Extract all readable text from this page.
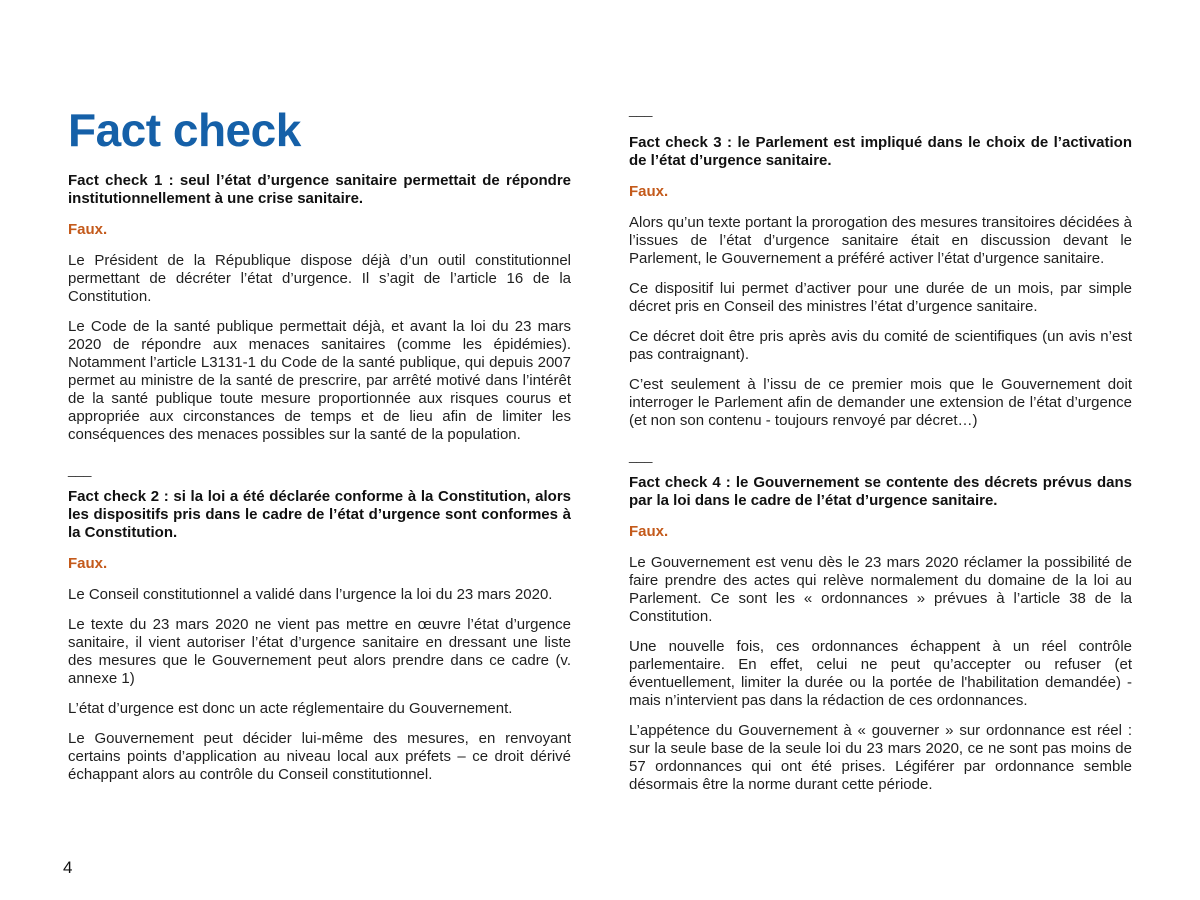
Fact check

Fact check 1 : seul l’état d’urgence sanitaire permettait de répondre institutionnellement à une crise sanitaire.

Faux.

Le Président de la République dispose déjà d’un outil constitutionnel permettant de décréter l’état d’urgence. Il s’agit de l’article 16 de la Constitution.

Le Code de la santé publique permettait déjà, et avant la loi du 23 mars 2020 de répondre aux menaces sanitaires (comme les épidémies). Notamment l’article L3131-1 du Code de la santé publique, qui depuis 2007 permet au ministre de la santé de prescrire, par arrêté motivé dans l’intérêt de la santé publique toute mesure proportionnée aux risques courus et appropriée aux circonstances de temps et de lieu afin de limiter les conséquences des menaces possibles sur la santé de la population.

___

Fact check 2 : si la loi a été déclarée conforme à la Constitution, alors les dispositifs pris dans le cadre de l’état d’urgence sont conformes à la Constitution.

Faux.

Le Conseil constitutionnel a validé dans l’urgence la loi du 23 mars 2020.

Le texte du 23 mars 2020 ne vient pas mettre en œuvre l’état d’urgence sanitaire, il vient autoriser l’état d’urgence sanitaire en dressant une liste des mesures que le Gouvernement peut alors prendre dans ce cadre (v. annexe 1)

L’état d’urgence est donc un acte réglementaire du Gouvernement.

Le Gouvernement peut décider lui-même des mesures, en renvoyant certains points d’application au niveau local aux préfets – ce droit dérivé échappant alors au contrôle du Conseil constitutionnel.

___

Fact check 3 : le Parlement est impliqué dans le choix de l’activation de l’état d’urgence sanitaire.

Faux.

Alors qu’un texte portant la prorogation des mesures transitoires décidées à l’issues de l’état d’urgence sanitaire était en discussion devant le Parlement, le Gouvernement a préféré activer l’état d’urgence sanitaire.

Ce dispositif lui permet d’activer pour une durée de un mois, par simple décret pris en Conseil des ministres l’état d’urgence sanitaire.

Ce décret doit être pris après avis du comité de scientifiques (un avis n’est pas contraignant).

C’est seulement à l’issu de ce premier mois que le Gouvernement doit interroger le Parlement afin de demander une extension de l’état d’urgence (et non son contenu - toujours renvoyé par décret…)

___

Fact check 4 : le Gouvernement se contente des décrets prévus dans par la loi dans le cadre de l’état d’urgence sanitaire.

Faux.

Le Gouvernement est venu dès le 23 mars 2020 réclamer la possibilité de faire prendre des actes qui relève normalement du domaine de la loi au Parlement. Ce sont les « ordonnances » prévues à l’article 38 de la Constitution.

Une nouvelle fois, ces ordonnances échappent à un réel contrôle parlementaire. En effet, celui ne peut qu’accepter ou refuser (et éventuellement, limiter la durée ou la portée de l'habilitation demandée) - mais n’intervient pas dans la rédaction de ces ordonnances.

L’appétence du Gouvernement à « gouverner » sur ordonnance est réel : sur la seule base de la seule loi du 23 mars 2020, ce ne sont pas moins de 57 ordonnances qui ont été prises. Légiférer par ordonnance semble désormais être la norme durant cette période.

4
